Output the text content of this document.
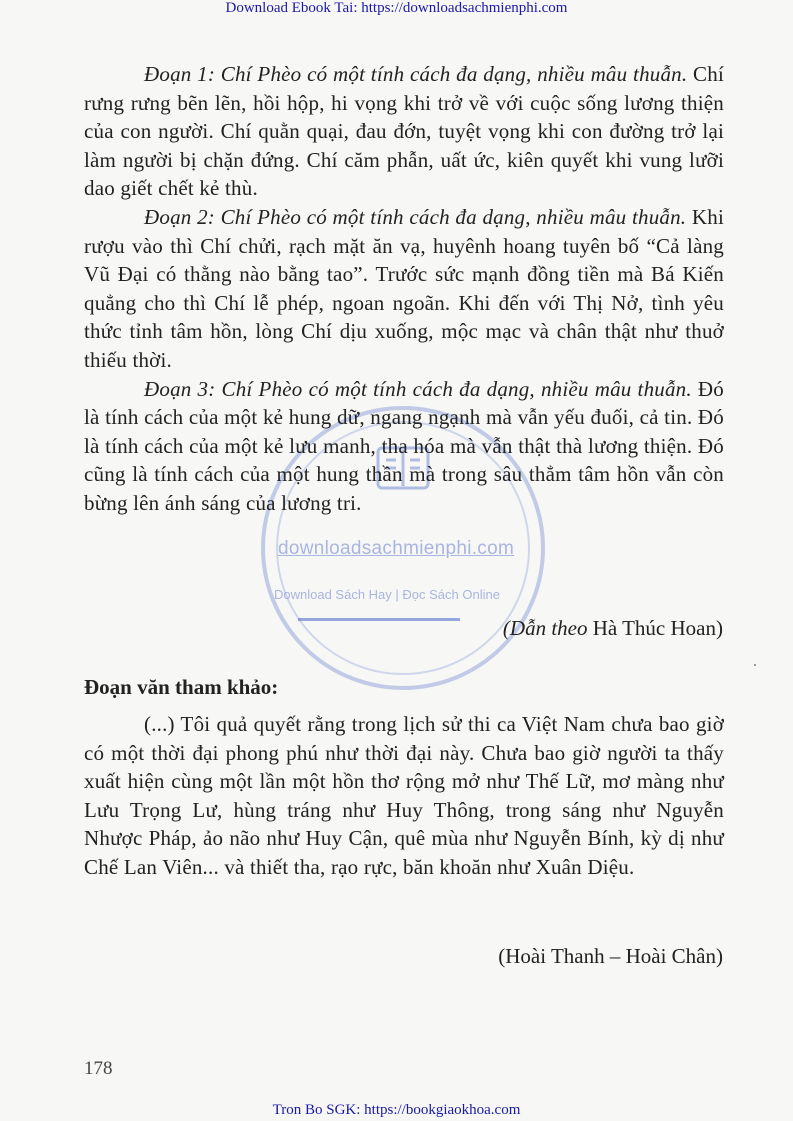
Download Ebook Tai: https://downloadsachmienphi.com
downloadsachmienphi.com
Download Sách Hay | Đọc Sách Online

Đoạn 1: Chí Phèo có một tính cách đa dạng, nhiều mâu thuẫn. Chí rưng rưng bẽn lẽn, hồi hộp, hi vọng khi trở về với cuộc sống lương thiện của con người. Chí quằn quại, đau đớn, tuyệt vọng khi con đường trở lại làm người bị chặn đứng. Chí căm phẫn, uất ức, kiên quyết khi vung lưỡi dao giết chết kẻ thù.

Đoạn 2: Chí Phèo có một tính cách đa dạng, nhiều mâu thuẫn. Khi rượu vào thì Chí chửi, rạch mặt ăn vạ, huyênh hoang tuyên bố “Cả làng Vũ Đại có thằng nào bằng tao”. Trước sức mạnh đồng tiền mà Bá Kiến quẳng cho thì Chí lễ phép, ngoan ngoãn. Khi đến với Thị Nở, tình yêu thức tỉnh tâm hồn, lòng Chí dịu xuống, mộc mạc và chân thật như thuở thiếu thời.

Đoạn 3: Chí Phèo có một tính cách đa dạng, nhiều mâu thuẫn. Đó là tính cách của một kẻ hung dữ, ngang ngạnh mà vẫn yếu đuối, cả tin. Đó là tính cách của một kẻ lưu manh, tha hóa mà vẫn thật thà lương thiện. Đó cũng là tính cách của một hung thần mà trong sâu thẳm tâm hồn vẫn còn bừng lên ánh sáng của lương tri.

(Dẫn theo Hà Thúc Hoan)
Đoạn văn tham khảo:

(...) Tôi quả quyết rằng trong lịch sử thi ca Việt Nam chưa bao giờ có một thời đại phong phú như thời đại này. Chưa bao giờ người ta thấy xuất hiện cùng một lần một hồn thơ rộng mở như Thế Lữ, mơ màng như Lưu Trọng Lư, hùng tráng như Huy Thông, trong sáng như Nguyễn Nhược Pháp, ảo não như Huy Cận, quê mùa như Nguyễn Bính, kỳ dị như Chế Lan Viên... và thiết tha, rạo rực, băn khoăn như Xuân Diệu.

(Hoài Thanh – Hoài Chân)
178
Tron Bo SGK: https://bookgiaokhoa.com
